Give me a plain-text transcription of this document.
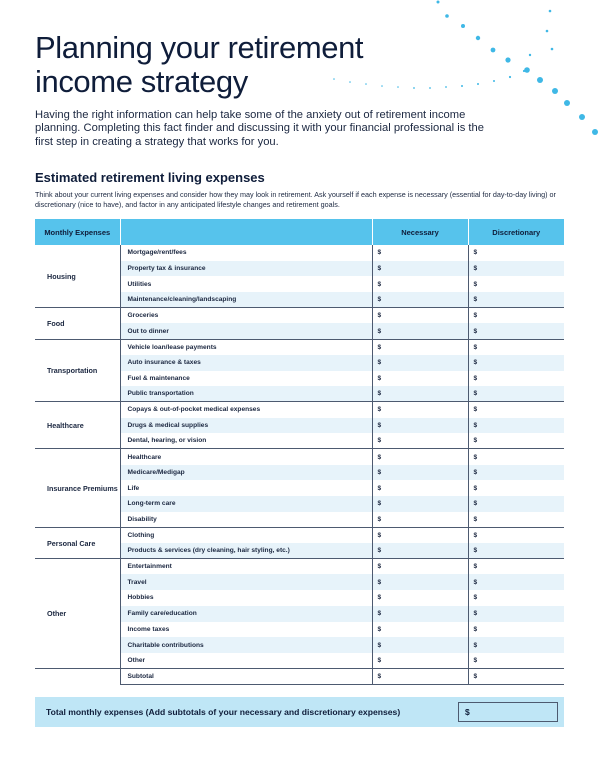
Planning your retirement income strategy

Having the right information can help take some of the anxiety out of retirement income planning. Completing this fact finder and discussing it with your financial professional is the first step in creating a strategy that works for you.

Estimated retirement living expenses

Think about your current living expenses and consider how they may look in retirement. Ask yourself if each expense is necessary (essential for day-to-day living) or discretionary (nice to have), and factor in any anticipated lifestyle changes and retirement goals.

Monthly Expenses		Necessary	Discretionary
Housing	Mortgage/rent/fees	$	$
	Property tax & insurance	$	$
	Utilities	$	$
	Maintenance/cleaning/landscaping	$	$
Food	Groceries	$	$
	Out to dinner	$	$
Transportation	Vehicle loan/lease payments	$	$
	Auto insurance & taxes	$	$
	Fuel & maintenance	$	$
	Public transportation	$	$
Healthcare	Copays & out-of-pocket medical expenses	$	$
	Drugs & medical supplies	$	$
	Dental, hearing, or vision	$	$
Insurance Premiums	Healthcare	$	$
	Medicare/Medigap	$	$
	Life	$	$
	Long-term care	$	$
	Disability	$	$
Personal Care	Clothing	$	$
	Products & services (dry cleaning, hair styling, etc.)	$	$
Other	Entertainment	$	$
	Travel	$	$
	Hobbies	$	$
	Family care/education	$	$
	Income taxes	$	$
	Charitable contributions	$	$
	Other	$	$
	Subtotal	$	$
Total monthly expenses (Add subtotals of your necessary and discretionary expenses)	$
